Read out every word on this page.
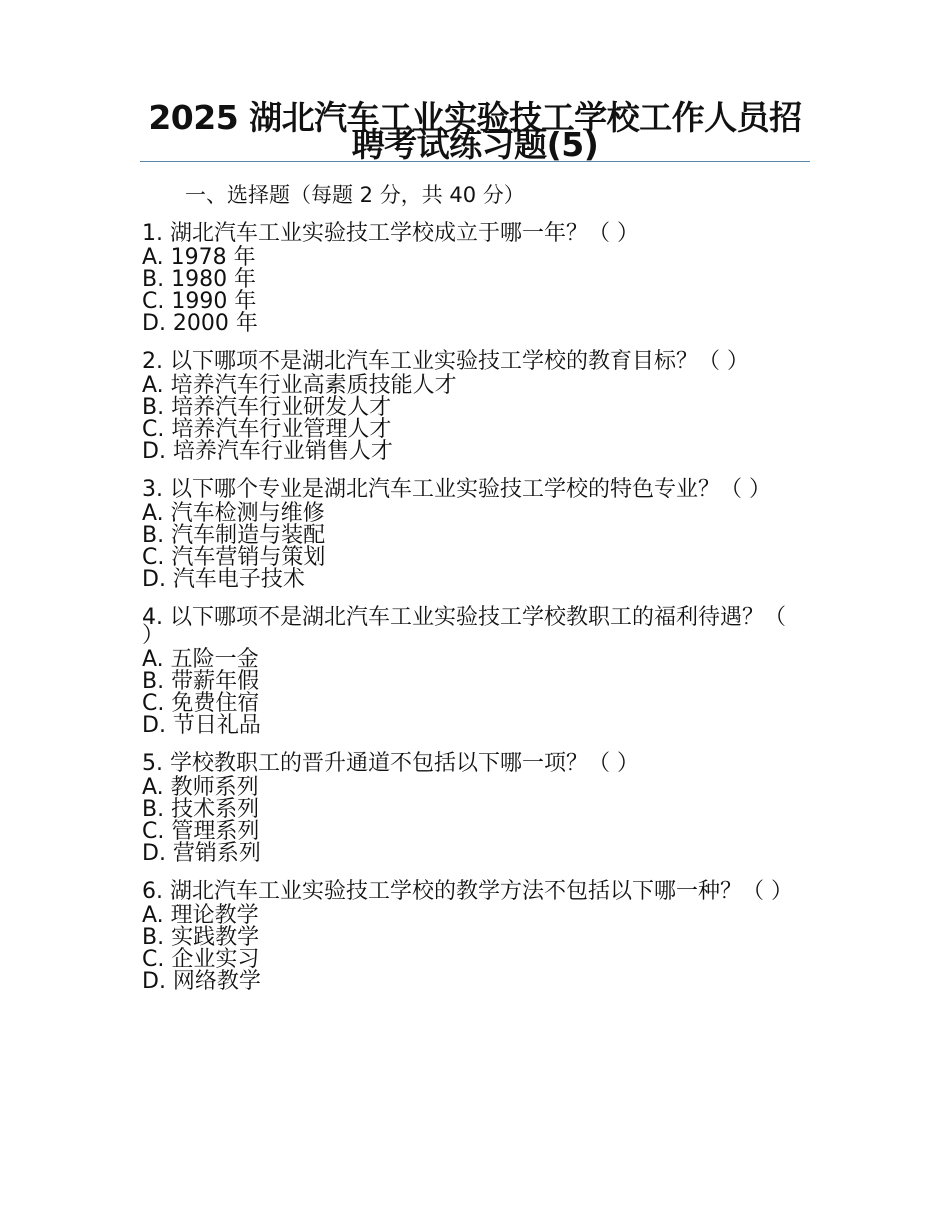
2025 湖北汽车工业实验技工学校工作人员招聘考试练习题(5)
一、选择题（每题 2 分，共 40 分）

1. 湖北汽车工业实验技工学校成立于哪一年？（ ）

A. 1978 年
B. 1980 年
C. 1990 年
D. 2000 年

2. 以下哪项不是湖北汽车工业实验技工学校的教育目标？（ ）

A. 培养汽车行业高素质技能人才
B. 培养汽车行业研发人才
C. 培养汽车行业管理人才
D. 培养汽车行业销售人才

3. 以下哪个专业是湖北汽车工业实验技工学校的特色专业？（ ）

A. 汽车检测与维修
B. 汽车制造与装配
C. 汽车营销与策划
D. 汽车电子技术

4. 以下哪项不是湖北汽车工业实验技工学校教职工的福利待遇？（ ）

A. 五险一金
B. 带薪年假
C. 免费住宿
D. 节日礼品

5. 学校教职工的晋升通道不包括以下哪一项？（ ）

A. 教师系列
B. 技术系列
C. 管理系列
D. 营销系列

6. 湖北汽车工业实验技工学校的教学方法不包括以下哪一种？（ ）

A. 理论教学
B. 实践教学
C. 企业实习
D. 网络教学
